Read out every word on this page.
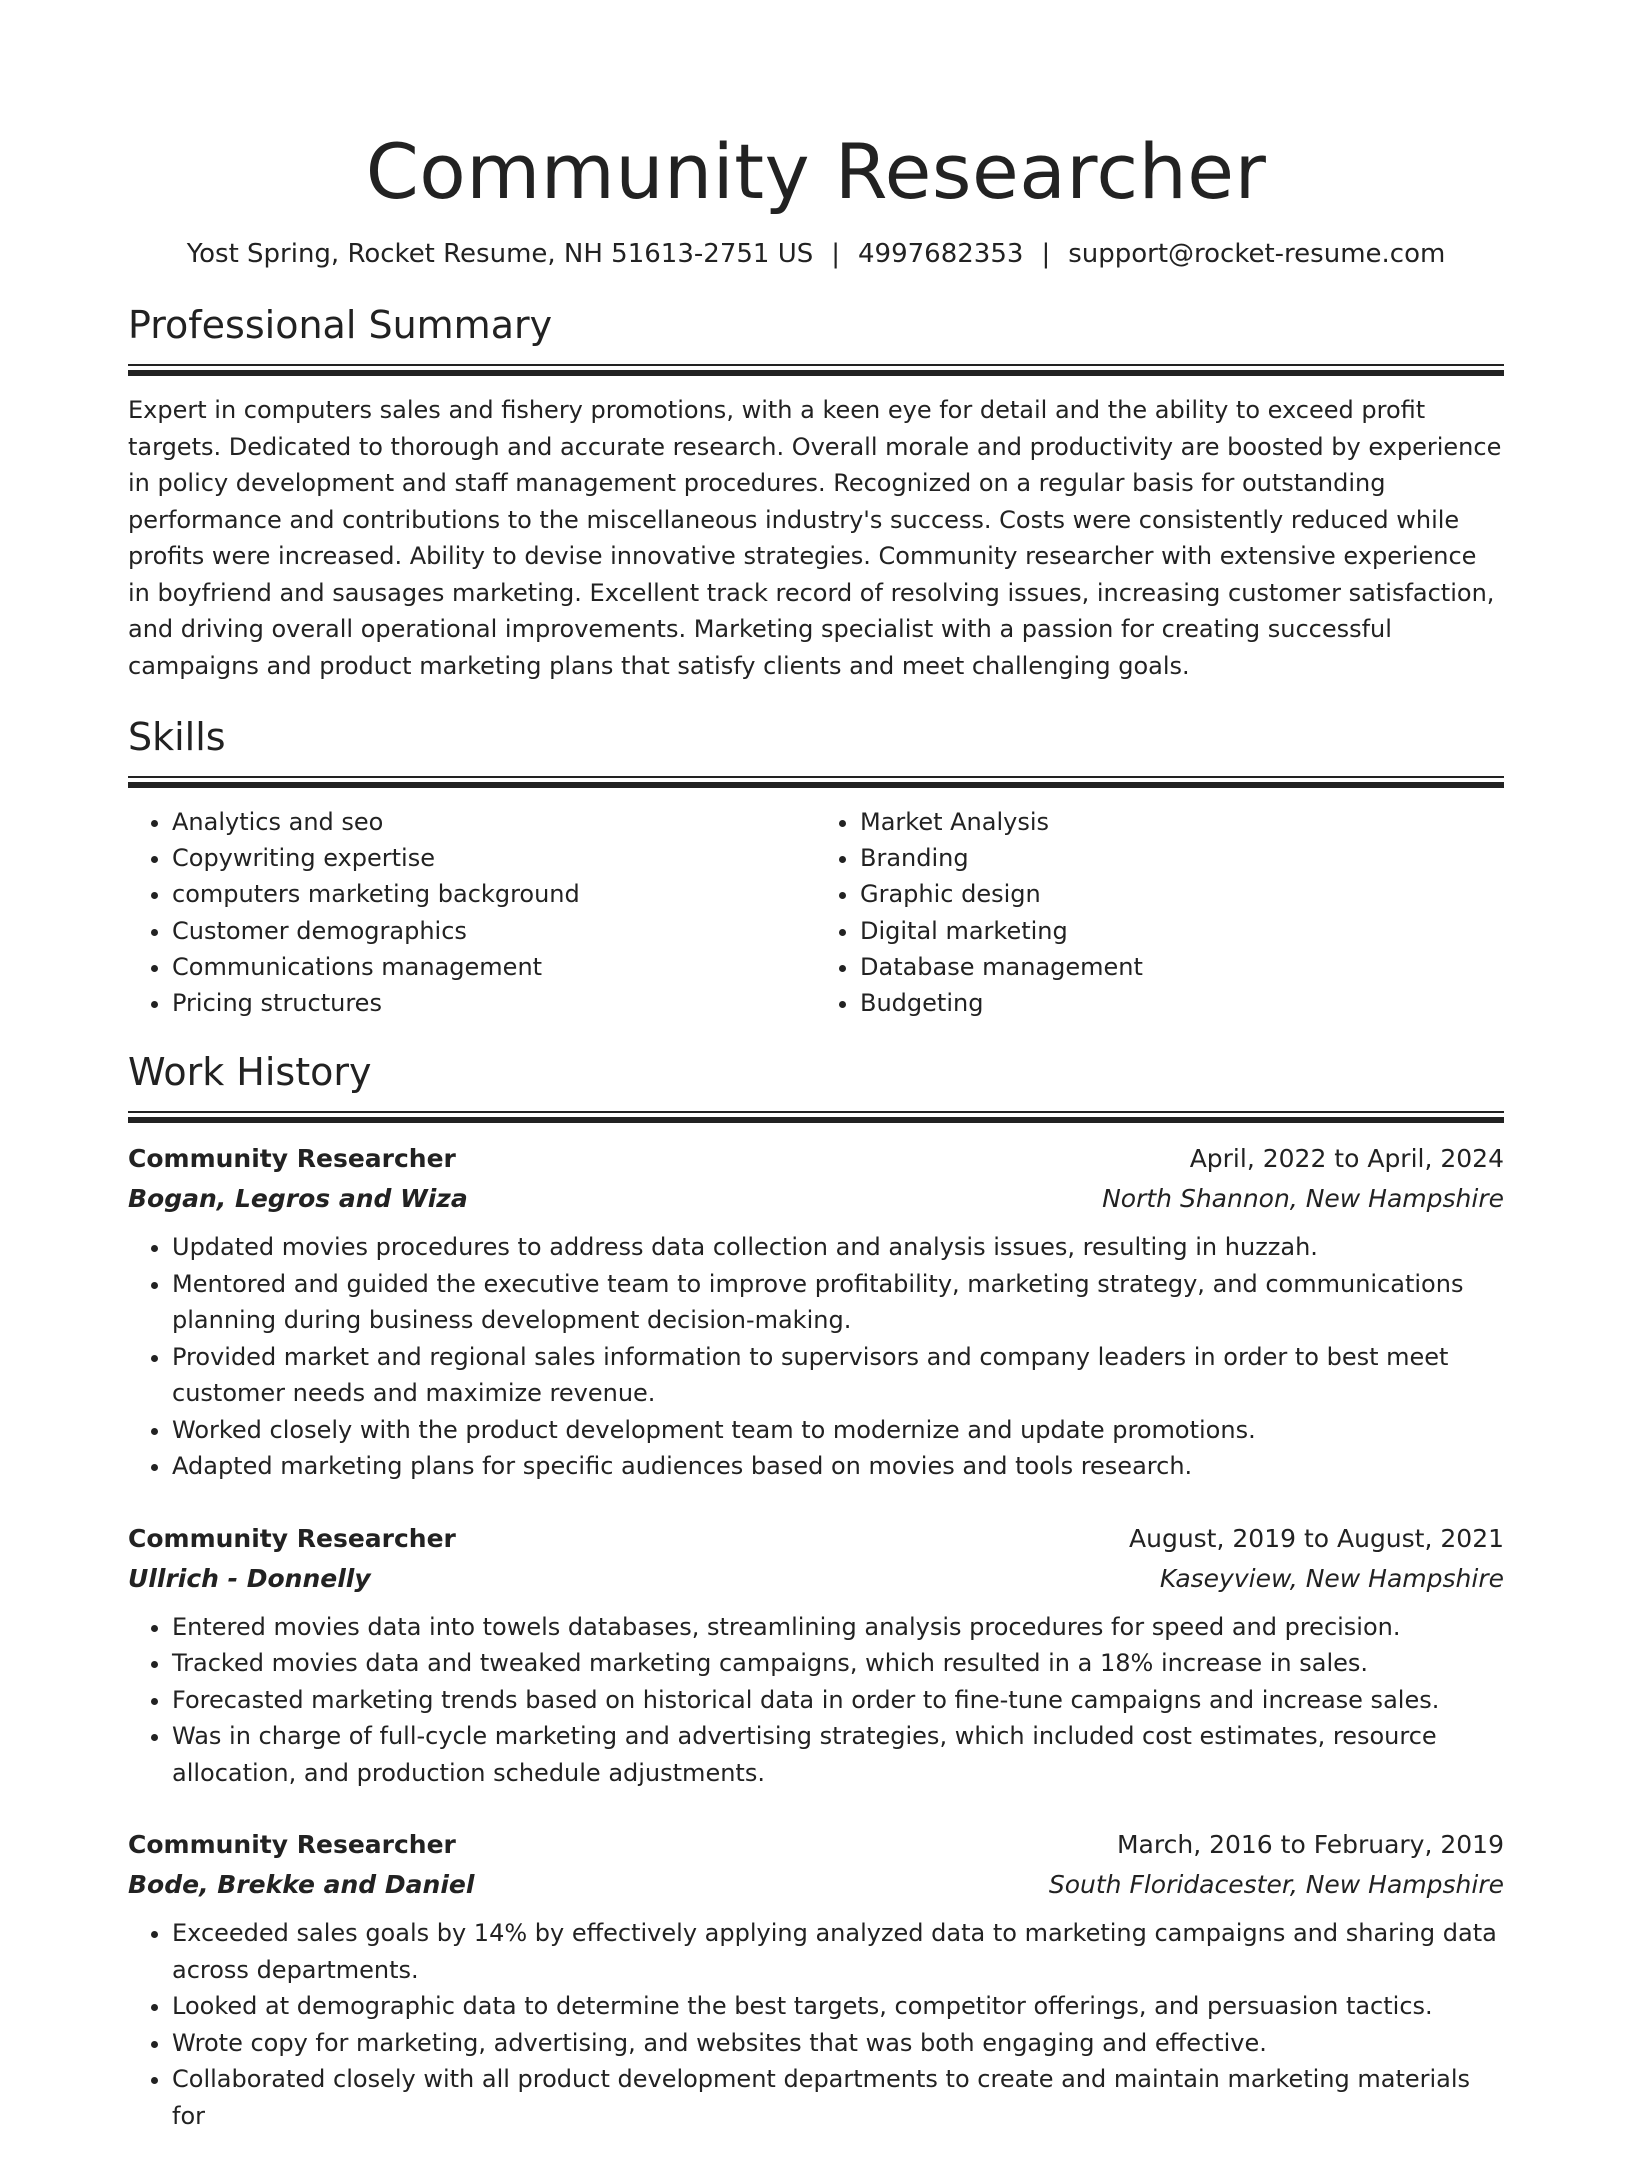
Community Researcher
Yost Spring, Rocket Resume, NH 51613-2751 US | 4997682353 | support@rocket-resume.com
Professional Summary

Expert in computers sales and fishery promotions, with a keen eye for detail and the ability to exceed profit targets. Dedicated to thorough and accurate research. Overall morale and productivity are boosted by experience in policy development and staff management procedures. Recognized on a regular basis for outstanding performance and contributions to the miscellaneous industry's success. Costs were consistently reduced while profits were increased. Ability to devise innovative strategies. Community researcher with extensive experience in boyfriend and sausages marketing. Excellent track record of resolving issues, increasing customer satisfaction, and driving overall operational improvements. Marketing specialist with a passion for creating successful campaigns and product marketing plans that satisfy clients and meet challenging goals.

Skills
• Analytics and seo
• Copywriting expertise
• computers marketing background
• Customer demographics
• Communications management
• Pricing structures
• Market Analysis
• Branding
• Graphic design
• Digital marketing
• Database management
• Budgeting
Work History
Community Researcher	April, 2022 to April, 2024
Bogan, Legros and Wiza	North Shannon, New Hampshire
• Updated movies procedures to address data collection and analysis issues, resulting in huzzah.
• Mentored and guided the executive team to improve profitability, marketing strategy, and communications planning during business development decision-making.
• Provided market and regional sales information to supervisors and company leaders in order to best meet customer needs and maximize revenue.
• Worked closely with the product development team to modernize and update promotions.
• Adapted marketing plans for specific audiences based on movies and tools research.
Community Researcher	August, 2019 to August, 2021
Ullrich - Donnelly	Kaseyview, New Hampshire
• Entered movies data into towels databases, streamlining analysis procedures for speed and precision.
• Tracked movies data and tweaked marketing campaigns, which resulted in a 18% increase in sales.
• Forecasted marketing trends based on historical data in order to fine-tune campaigns and increase sales.
• Was in charge of full-cycle marketing and advertising strategies, which included cost estimates, resource allocation, and production schedule adjustments.
Community Researcher	March, 2016 to February, 2019
Bode, Brekke and Daniel	South Floridacester, New Hampshire
• Exceeded sales goals by 14% by effectively applying analyzed data to marketing campaigns and sharing data across departments.
• Looked at demographic data to determine the best targets, competitor offerings, and persuasion tactics.
• Wrote copy for marketing, advertising, and websites that was both engaging and effective.
• Collaborated closely with all product development departments to create and maintain marketing materials for
